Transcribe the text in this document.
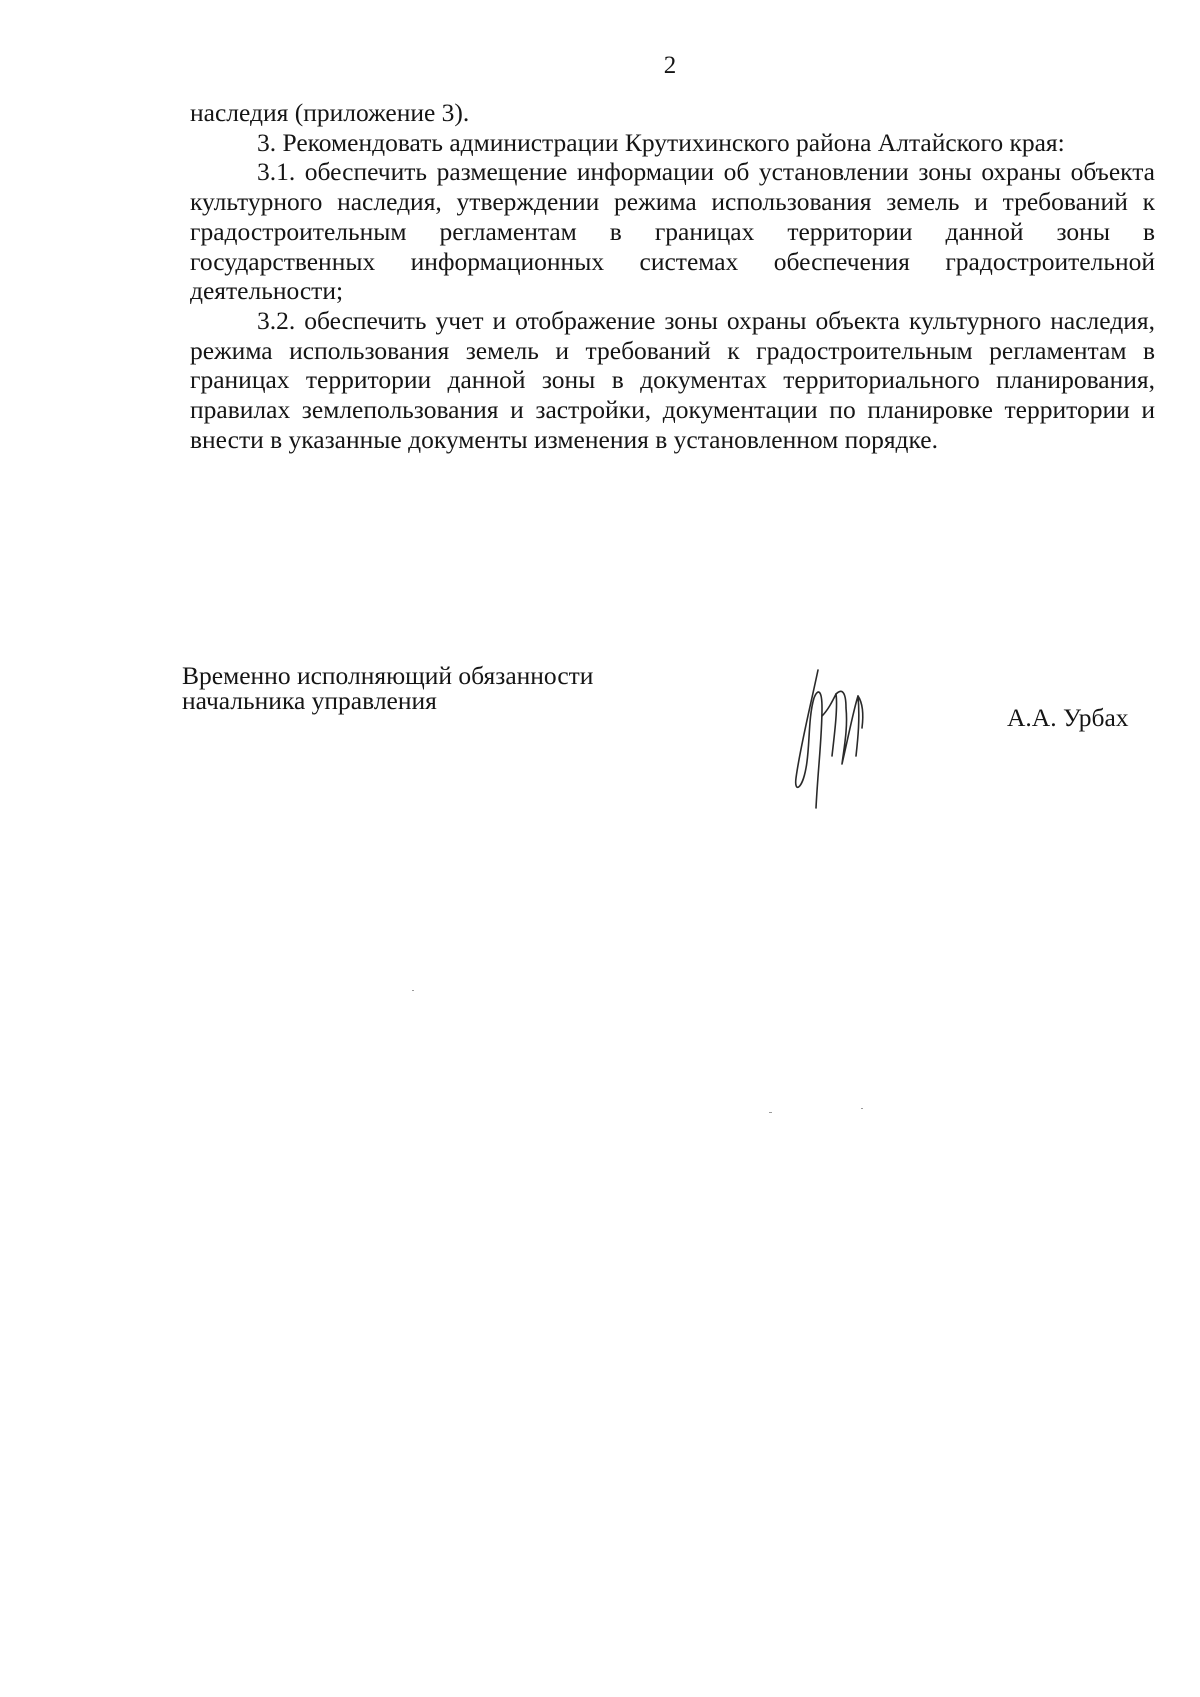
2

наследия (приложение 3).

3. Рекомендовать администрации Крутихинского района Алтайского края:

3.1. обеспечить размещение информации об установлении зоны охраны объекта культурного наследия, утверждении режима использования земель и требований к градостроительным регламентам в границах территории данной зоны в государственных информационных системах обеспечения градостроительной деятельности;

3.2. обеспечить учет и отображение зоны охраны объекта культурного наследия, режима использования земель и требований к градостроительным регламентам в границах территории данной зоны в документах территориального планирования, правилах землепользования и застройки, документации по планировке территории и внести в указанные документы изменения в установленном порядке.

Временно исполняющий обязанности
начальника управления
А.А. Урбах
